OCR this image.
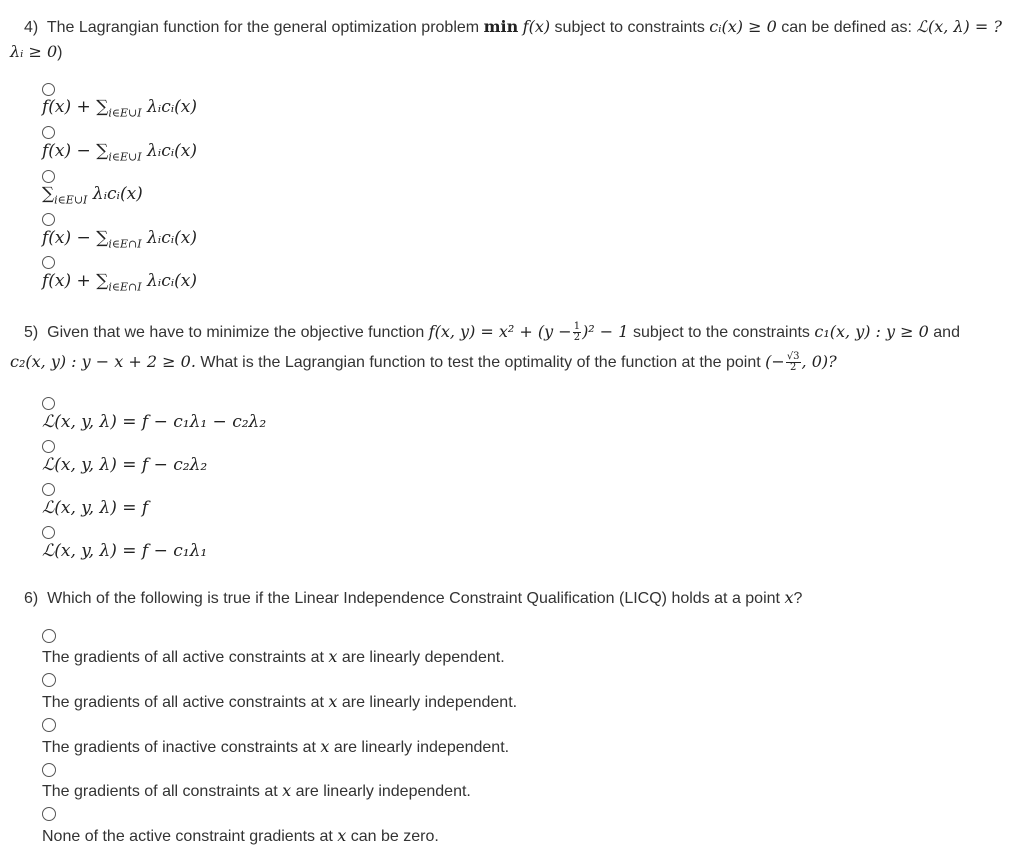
4) The Lagrangian function for the general optimization problem min f(x) subject to constraints cᵢ(x) ≥ 0 can be defined as: ℒ(x, λ) = ?
λᵢ ≥ 0)
$f(x) + \sum_{i\in E\cup I}$ λᵢcᵢ(x)
$f(x) - \sum_{i\in E\cup I}$ λᵢcᵢ(x)
$\sum_{i\in E\cup I}$ λᵢcᵢ(x)
$f(x) - \sum_{i\in E\cap I}$ λᵢcᵢ(x)
$f(x) + \sum_{i\in E\cap I}$ λᵢcᵢ(x)
5) Given that we have to minimize the objective function f(x, $y) = x^2 + (y - \frac{1}{2} )^2 - 1$ subject to the constraints c₁(x, y) : y ≥ 0 and
c₂(x, y) : y − x + 2 ≥ 0. What is the Lagrangian function to test the optimality of the function at the point (− $\frac{√3}{2}$ , 0)?
ℒ(x, y, λ) = f − c₁λ₁ − c₂λ₂
ℒ(x, y, λ) = f − c₂λ₂
ℒ(x, y, λ) = f
ℒ(x, y, λ) = f − c₁λ₁
6) Which of the following is true if the Linear Independence Constraint Qualification (LICQ) holds at a point x?
The gradients of all active constraints at x are linearly dependent.
The gradients of all active constraints at x are linearly independent.
The gradients of inactive constraints at x are linearly independent.
The gradients of all constraints at x are linearly independent.
None of the active constraint gradients at x can be zero.
